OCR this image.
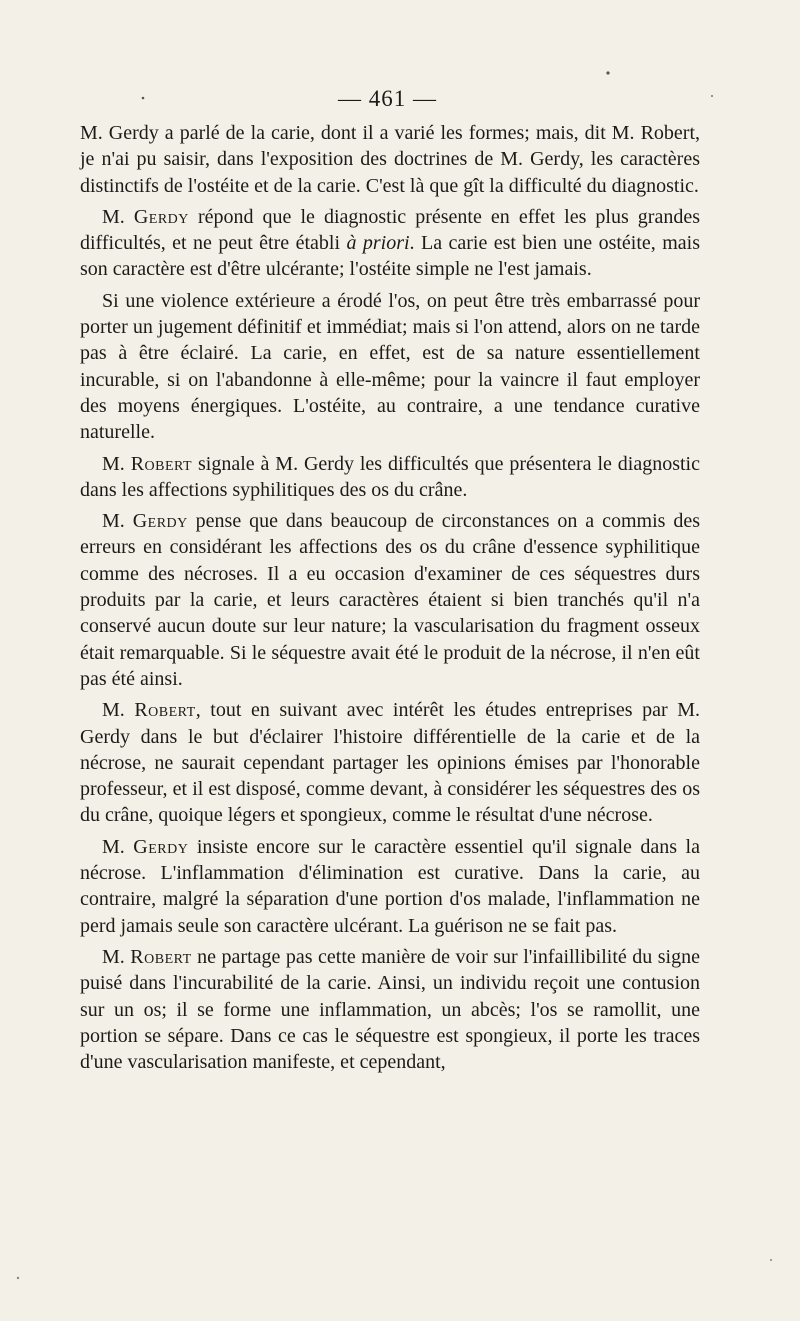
— 461 —

M. Gerdy a parlé de la carie, dont il a varié les formes; mais, dit M. Robert, je n'ai pu saisir, dans l'exposition des doctrines de M. Gerdy, les caractères distinctifs de l'ostéite et de la carie. C'est là que gît la difficulté du diagnostic.

M. Gerdy répond que le diagnostic présente en effet les plus grandes difficultés, et ne peut être établi à priori. La carie est bien une ostéite, mais son caractère est d'être ulcérante; l'ostéite simple ne l'est jamais.

Si une violence extérieure a érodé l'os, on peut être très embarrassé pour porter un jugement définitif et immédiat; mais si l'on attend, alors on ne tarde pas à être éclairé. La carie, en effet, est de sa nature essentiellement incurable, si on l'abandonne à elle-même; pour la vaincre il faut employer des moyens énergiques. L'ostéite, au contraire, a une tendance curative naturelle.

M. Robert signale à M. Gerdy les difficultés que présentera le diagnostic dans les affections syphilitiques des os du crâne.

M. Gerdy pense que dans beaucoup de circonstances on a commis des erreurs en considérant les affections des os du crâne d'essence syphilitique comme des nécroses. Il a eu occasion d'examiner de ces séquestres durs produits par la carie, et leurs caractères étaient si bien tranchés qu'il n'a conservé aucun doute sur leur nature; la vascularisation du fragment osseux était remarquable. Si le séquestre avait été le produit de la nécrose, il n'en eût pas été ainsi.

M. Robert, tout en suivant avec intérêt les études entreprises par M. Gerdy dans le but d'éclairer l'histoire différentielle de la carie et de la nécrose, ne saurait cependant partager les opinions émises par l'honorable professeur, et il est disposé, comme devant, à considérer les séquestres des os du crâne, quoique légers et spongieux, comme le résultat d'une nécrose.

M. Gerdy insiste encore sur le caractère essentiel qu'il signale dans la nécrose. L'inflammation d'élimination est curative. Dans la carie, au contraire, malgré la séparation d'une portion d'os malade, l'inflammation ne perd jamais seule son caractère ulcérant. La guérison ne se fait pas.

M. Robert ne partage pas cette manière de voir sur l'infaillibilité du signe puisé dans l'incurabilité de la carie. Ainsi, un individu reçoit une contusion sur un os; il se forme une inflammation, un abcès; l'os se ramollit, une portion se sépare. Dans ce cas le séquestre est spongieux, il porte les traces d'une vascularisation manifeste, et cependant,
